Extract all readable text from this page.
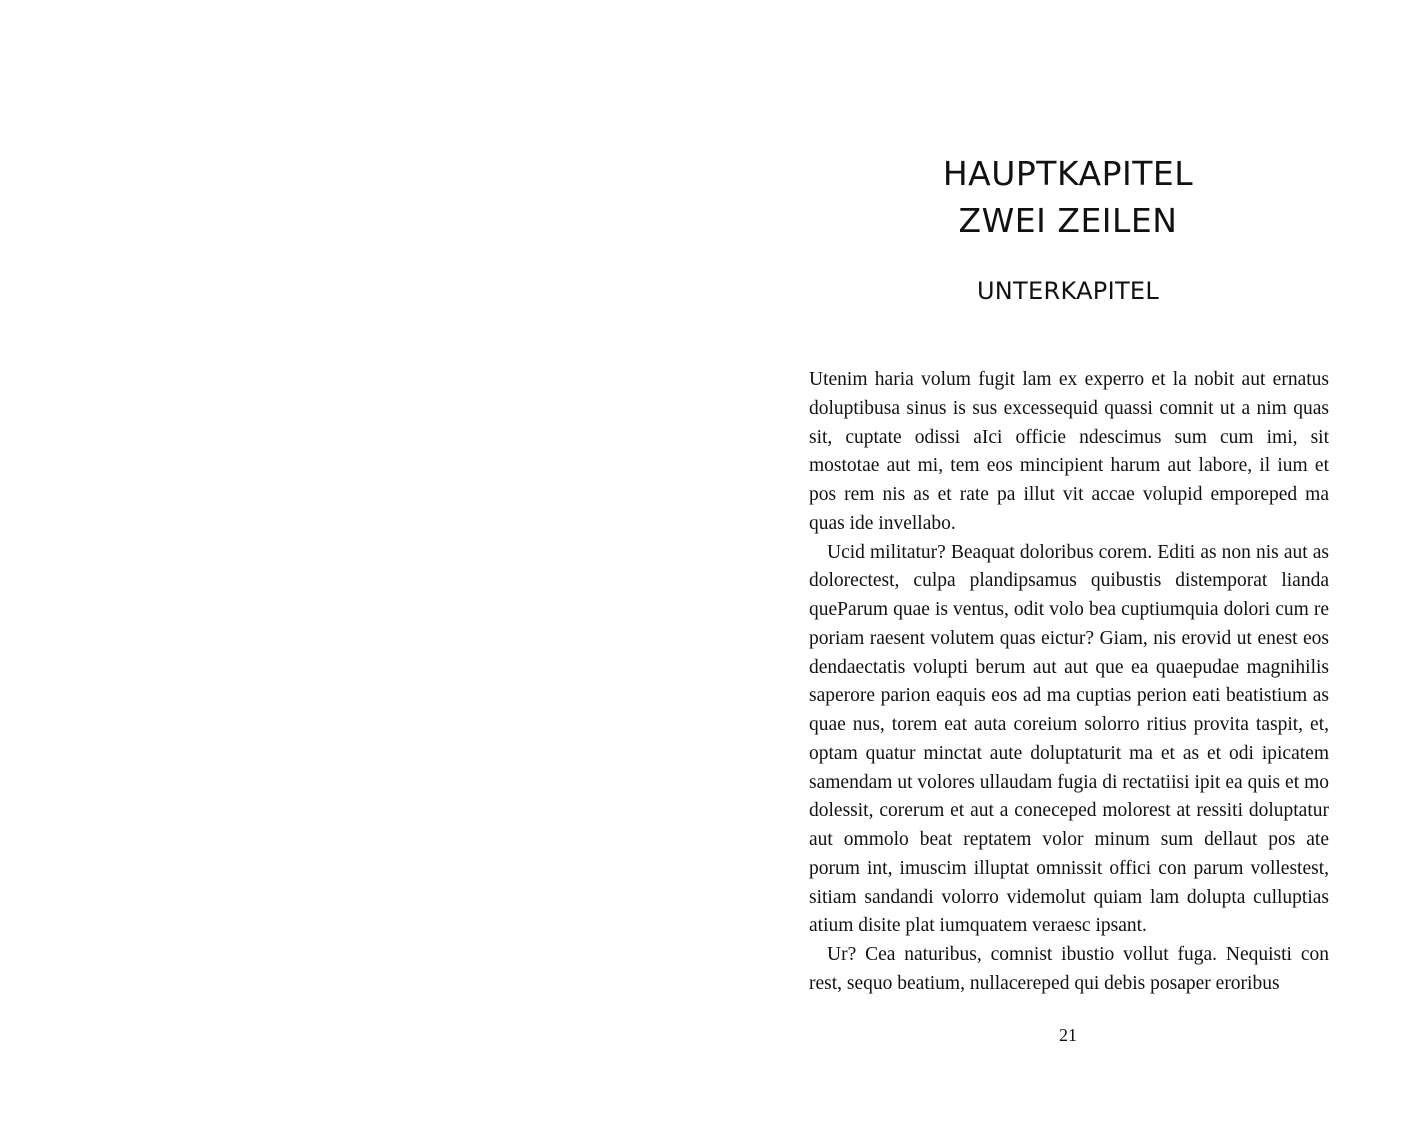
HAUPTKAPITEL
ZWEI ZEILEN
UNTERKAPITEL

Utenim haria volum fugit lam ex experro et la nobit aut ernatus doluptibusa sinus is sus excessequid quassi comnit ut a nim quas sit, cuptate odissi aIci officie ndescimus sum cum imi, sit mostotae aut mi, tem eos mincipient harum aut labore, il ium et pos rem nis as et rate pa illut vit accae volupid emporeped ma quas ide invellabo.

Ucid militatur? Beaquat doloribus corem. Editi as non nis aut as dolorectest, culpa plandipsamus quibustis distemporat lianda queParum quae is ventus, odit volo bea cuptiumquia dolori cum re poriam raesent volutem quas eictur? Giam, nis erovid ut enest eos dendaectatis volupti berum aut aut que ea quaepudae magnihilis saperore parion eaquis eos ad ma cuptias perion eati beatistium as quae nus, torem eat auta coreium solorro ritius provita taspit, et, optam quatur minctat aute doluptaturit ma et as et odi ipicatem samendam ut volores ullaudam fugia di rectatiisi ipit ea quis et mo dolessit, corerum et aut a coneceped molorest at ressiti doluptatur aut ommolo beat reptatem volor minum sum dellaut pos ate porum int, imuscim illuptat omnissit offici con parum vollestest, sitiam sandandi volorro videmolut quiam lam dolupta culluptias atium disite plat iumquatem veraesc ipsant.

Ur? Cea naturibus, comnist ibustio vollut fuga. Nequisti con rest, sequo beatium, nullacereped qui debis posaper eroribus

21
